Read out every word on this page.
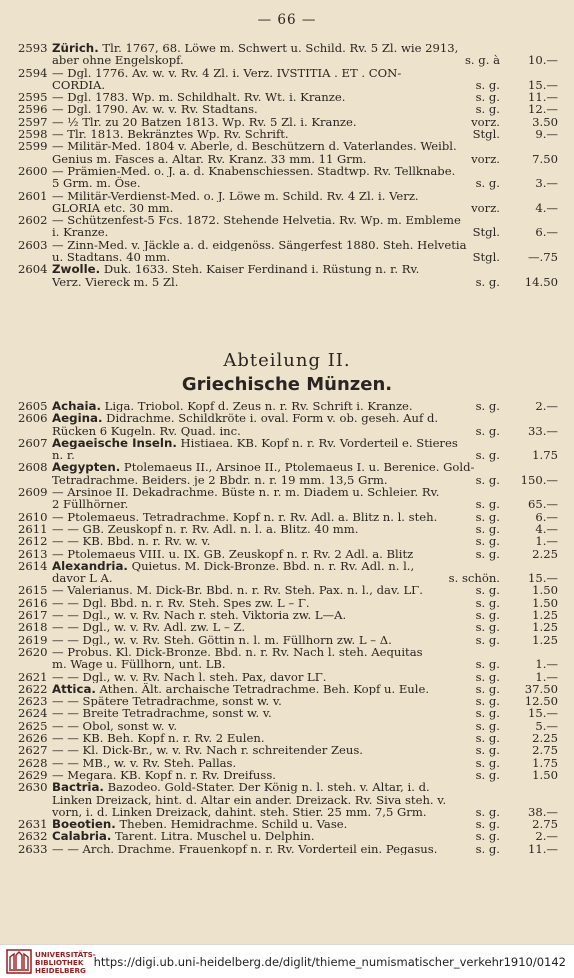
— 66 —
2593 Zürich. Tlr. 1767, 68. Löwe m. Schwert u. Schild. Rv. 5 Zl. wie 2913,
aber ohne Engelskopf.	s. g. à	10.—
2594 — Dgl. 1776. Av. w. v. Rv. 4 Zl. i. Verz. IVSTITIA . ET . CON-
CORDIA.	s. g.	15.—
2595 — Dgl. 1783. Wp. m. Schildhalt. Rv. Wt. i. Kranze.	s. g.	11.—
2596 — Dgl. 1790. Av. w. v. Rv. Stadtans.	s. g.	12.—
2597 — ½ Tlr. zu 20 Batzen 1813. Wp. Rv. 5 Zl. i. Kranze.	vorz.	3.50
2598 — Tlr. 1813. Bekränztes Wp. Rv. Schrift.	Stgl.	9.—
2599 — Militär-Med. 1804 v. Aberle, d. Beschützern d. Vaterlandes. Weibl.
Genius m. Fasces a. Altar. Rv. Kranz. 33 mm. 11 Grm.	vorz.	7.50
2600 — Prämien-Med. o. J. a. d. Knabenschiessen. Stadtwp. Rv. Tellknabe.
5 Grm. m. Öse.	s. g.	3.—
2601 — Militär-Verdienst-Med. o. J. Löwe m. Schild. Rv. 4 Zl. i. Verz.
GLORIA etc. 30 mm.	vorz.	4.—
2602 — Schützenfest-5 Fcs. 1872. Stehende Helvetia. Rv. Wp. m. Embleme
i. Kranze.	Stgl.	6.—
2603 — Zinn-Med. v. Jäckle a. d. eidgenöss. Sängerfest 1880. Steh. Helvetia
u. Stadtans. 40 mm.	Stgl.	—.75
2604 Zwolle. Duk. 1633. Steh. Kaiser Ferdinand i. Rüstung n. r. Rv.
Verz. Viereck m. 5 Zl.	s. g.	14.50
Abteilung II.
Griechische Münzen.
2605 Achaia. Liga. Triobol. Kopf d. Zeus n. r. Rv. Schrift i. Kranze.	s. g.	2.—
2606 Aegina. Didrachme. Schildkröte i. oval. Form v. ob. geseh. Auf d.
Rücken 6 Kugeln. Rv. Quad. inc.	s. g.	33.—
2607 Aegaeische Inseln. Histiaea. KB. Kopf n. r. Rv. Vorderteil e. Stieres
n. r.	s. g.	1.75
2608 Aegypten. Ptolemaeus II., Arsinoe II., Ptolemaeus I. u. Berenice. Gold-
Tetradrachme. Beiders. je 2 Bbdr. n. r. 19 mm. 13,5 Grm.	s. g.	150.—
2609 — Arsinoe II. Dekadrachme. Büste n. r. m. Diadem u. Schleier. Rv.
2 Füllhörner.	s. g.	65.—
2610 — Ptolemaeus. Tetradrachme. Kopf n. r. Rv. Adl. a. Blitz n. l. steh.	s. g.	6.—
2611 — — GB. Zeuskopf n. r. Rv. Adl. n. l. a. Blitz. 40 mm.	s. g.	4.—
2612 — — KB. Bbd. n. r. Rv. w. v.	s. g.	1.—
2613 — Ptolemaeus VIII. u. IX. GB. Zeuskopf n. r. Rv. 2 Adl. a. Blitz	s. g.	2.25
2614 Alexandria. Quietus. M. Dick-Bronze. Bbd. n. r. Rv. Adl. n. l.,
davor L A.	s. schön.	15.—
2615 — Valerianus. M. Dick-Br. Bbd. n. r. Rv. Steh. Pax. n. l., dav. LΓ.	s. g.	1.50
2616 — — Dgl. Bbd. n. r. Rv. Steh. Spes zw. L – Γ.	s. g.	1.50
2617 — — Dgl., w. v. Rv. Nach r. steh. Viktoria zw. L—A.	s. g.	1.25
2618 — — Dgl., w. v. Rv. Adl. zw. L – Z.	s. g.	1.25
2619 — — Dgl., w. v. Rv. Steh. Göttin n. l. m. Füllhorn zw. L – Δ.	s. g.	1.25
2620 — Probus. Kl. Dick-Bronze. Bbd. n. r. Rv. Nach l. steh. Aequitas
m. Wage u. Füllhorn, unt. LB.	s. g.	1.—
2621 — — Dgl., w. v. Rv. Nach l. steh. Pax, davor LΓ.	s. g.	1.—
2622 Attica. Athen. Ält. archaische Tetradrachme. Beh. Kopf u. Eule.	s. g.	37.50
2623 — — Spätere Tetradrachme, sonst w. v.	s. g.	12.50
2624 — — Breite Tetradrachme, sonst w. v.	s. g.	15.—
2625 — — Obol, sonst w. v.	s. g.	5.—
2626 — — KB. Beh. Kopf n. r. Rv. 2 Eulen.	s. g.	2.25
2627 — — Kl. Dick-Br., w. v. Rv. Nach r. schreitender Zeus.	s. g.	2.75
2628 — — MB., w. v. Rv. Steh. Pallas.	s. g.	1.75
2629 — Megara. KB. Kopf n. r. Rv. Dreifuss.	s. g.	1.50
2630 Bactria. Bazodeo. Gold-Stater. Der König n. l. steh. v. Altar, i. d.
Linken Dreizack, hint. d. Altar ein ander. Dreizack. Rv. Siva steh. v.
vorn, i. d. Linken Dreizack, dahint. steh. Stier. 25 mm. 7,5 Grm.	s. g.	38.—
2631 Boeotien. Theben. Hemidrachme. Schild u. Vase.	s. g.	2.75
2632 Calabria. Tarent. Litra. Muschel u. Delphin.	s. g.	2.—
2633 — — Arch. Drachme. Frauenkopf n. r. Rv. Vorderteil ein. Pegasus.	s. g.	11.—
UNIVERSITÄTS-
BIBLIOTHEK
HEIDELBERG
https://digi.ub.uni-heidelberg.de/diglit/thieme_numismatischer_verkehr1910/0142
